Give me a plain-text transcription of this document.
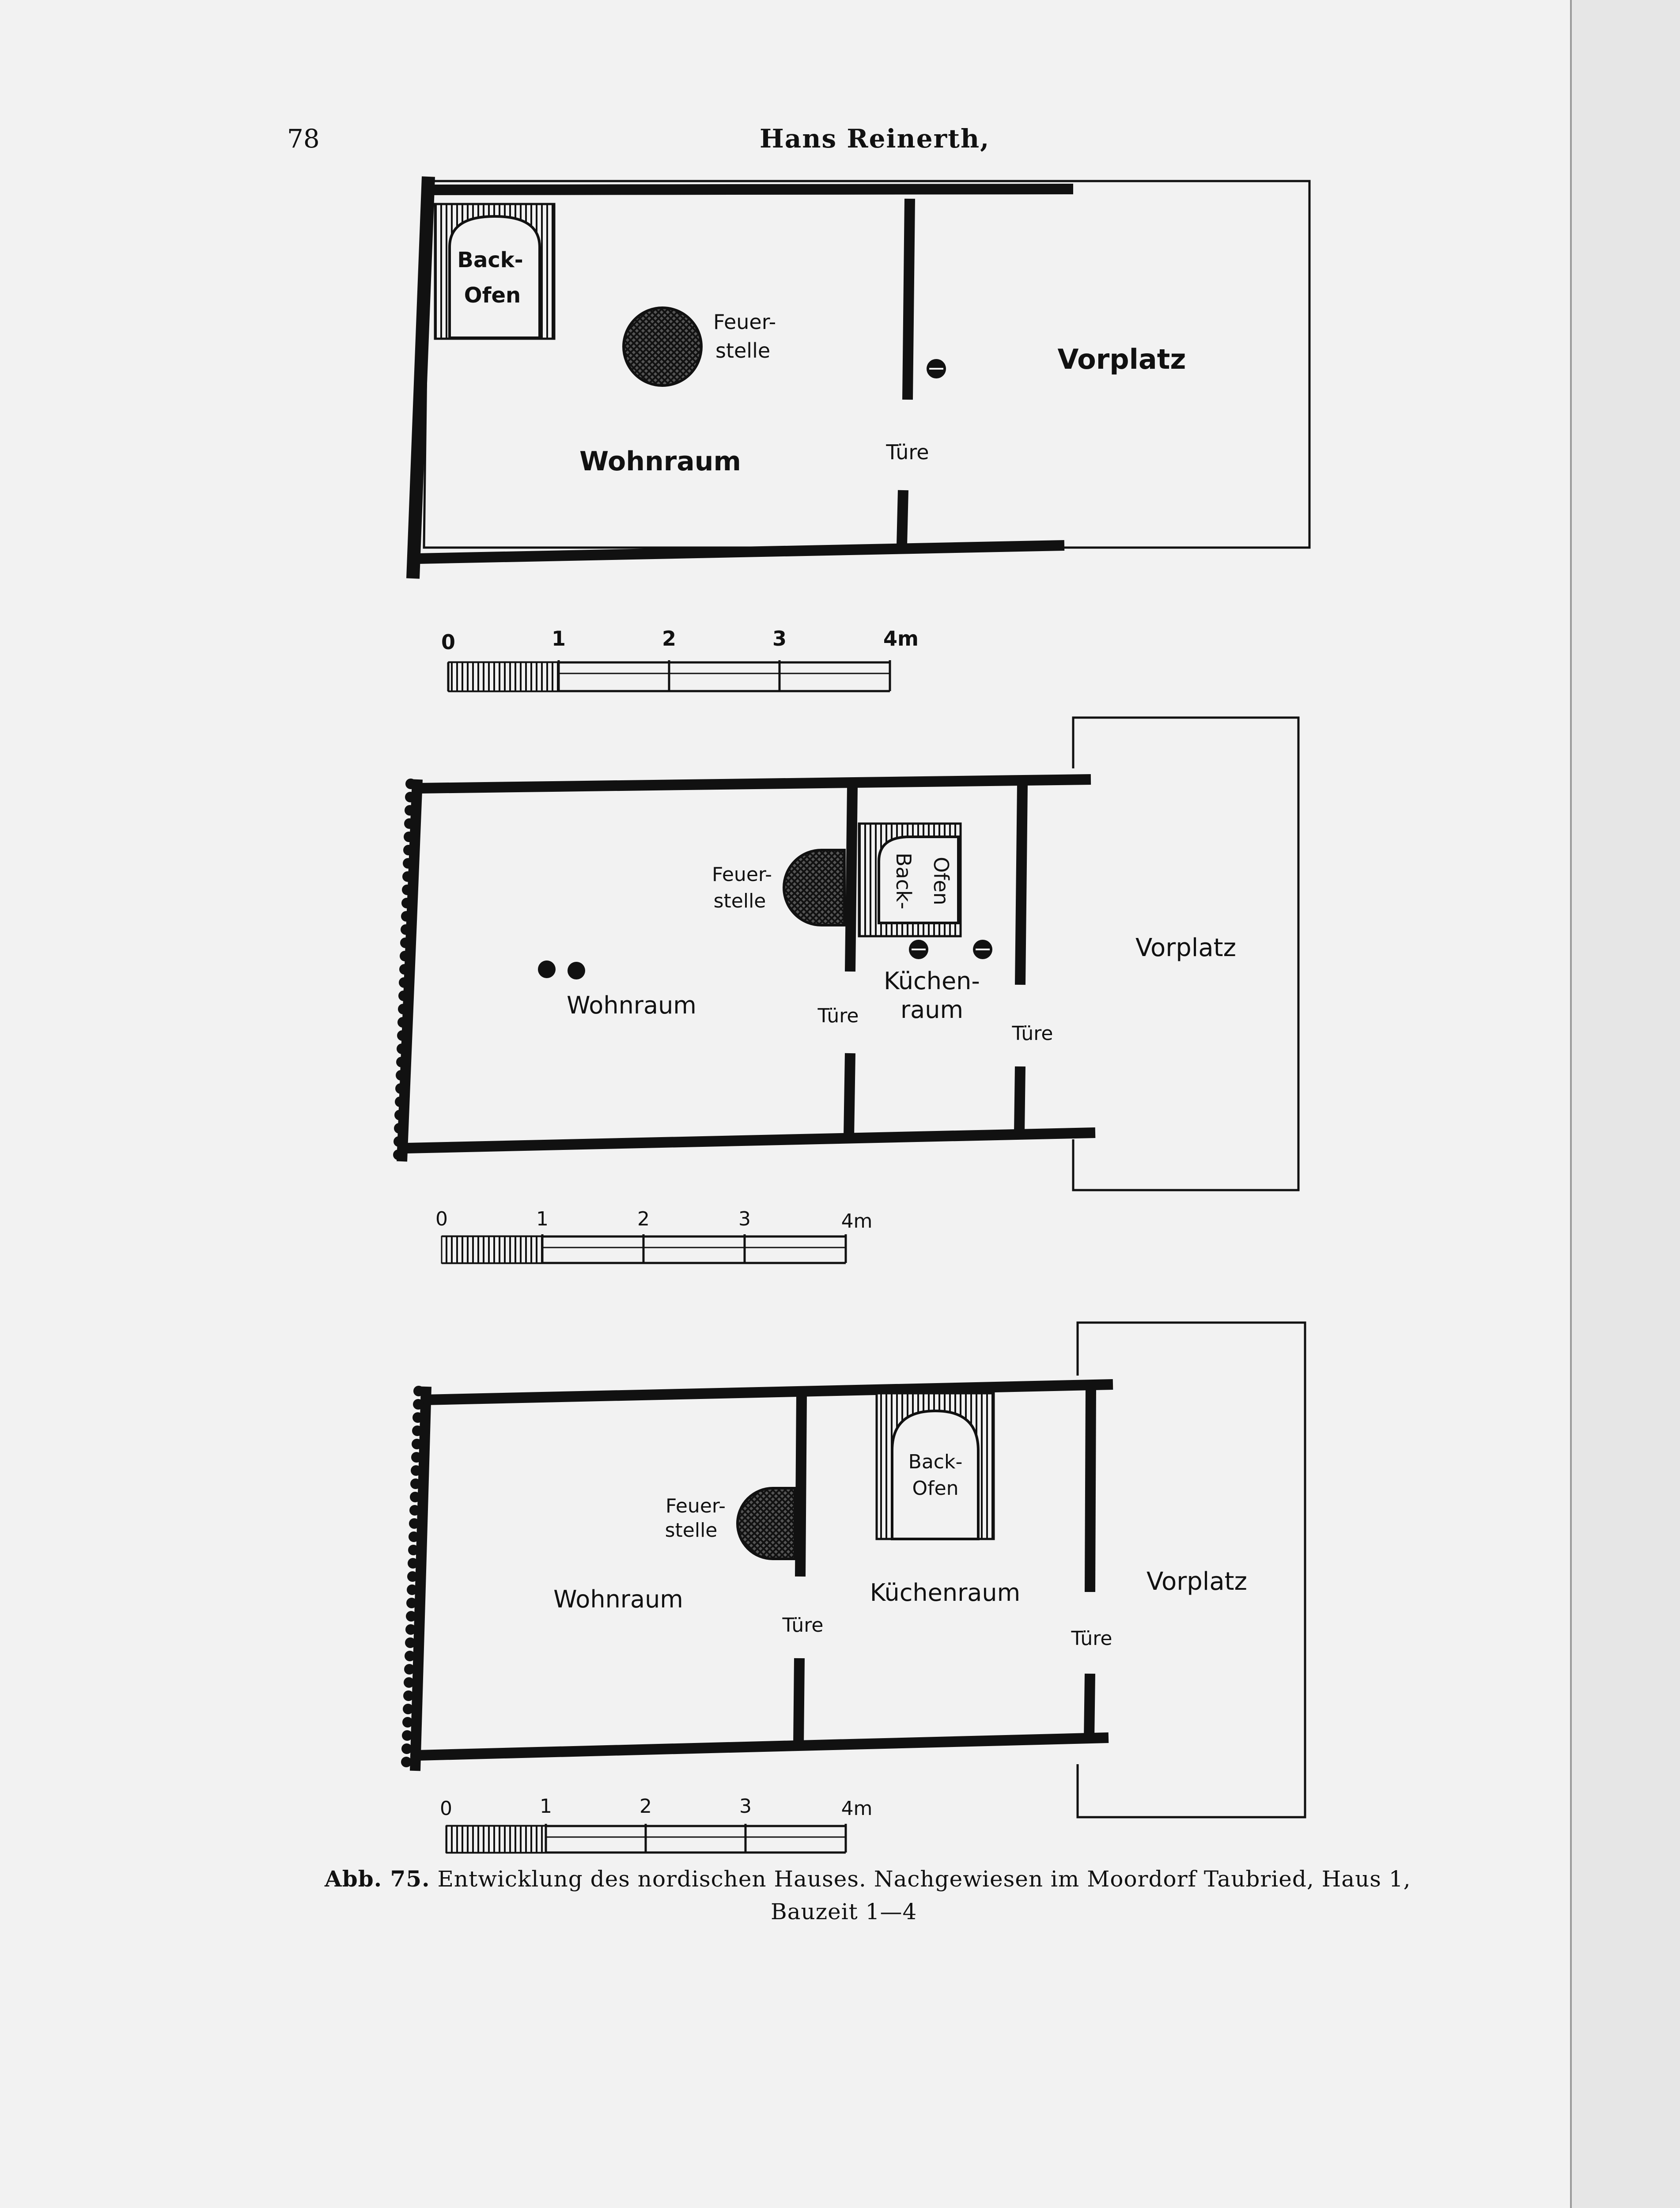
78	Hans Reinerth,
Back-
Ofen
Feuer-
stelle
Wohnraum	Türe
Vorplatz
0	1	2	3	4m
Back- Ofen
Feuer-
stelle
Wohnraum
Küchen-
raum
Türe
Türe
Vorplatz
0	1	2	3	4m
Back-
Ofen
Feuer-
stelle
Wohnraum	Küchenraum
Türe
Türe
Vorplatz
0	1	2	3	4m
Abb. 75. Entwicklung des nordischen Hauses. Nachgewiesen im Moordorf Taubried, Haus 1,
Bauzeit 1—4
